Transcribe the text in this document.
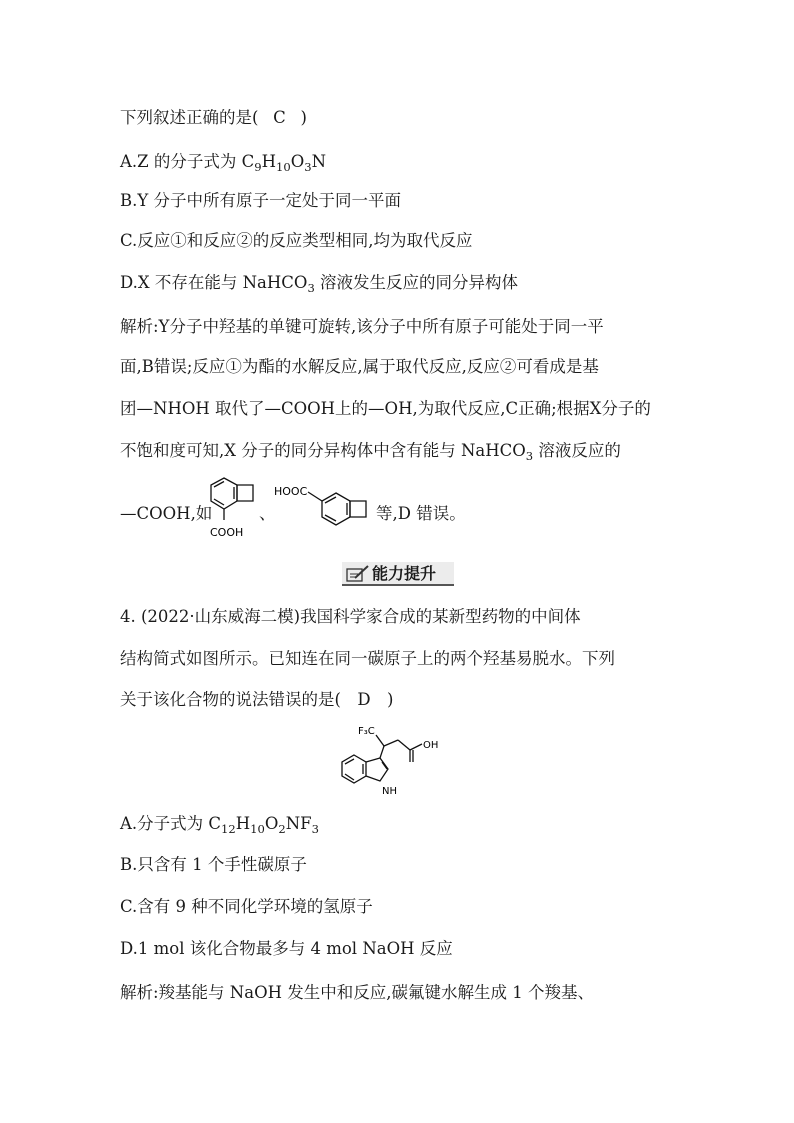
下列叙述正确的是( C )
A.Z 的分子式为 $C_9H_{10}O_3N$
B.Y 分子中所有原子一定处于同一平面
C.反应①和反应②的反应类型相同,均为取代反应
D.X 不存在能与 NaHCO$_3$ 溶液发生反应的同分异构体
解析:Y分子中羟基的单键可旋转,该分子中所有原子可能处于同一平
面,B错误;反应①为酯的水解反应,属于取代反应,反应②可看成是基
团—NHOH 取代了—COOH上的—OH,为取代反应,C正确;根据X分子的
不饱和度可知,X 分子的同分异构体中含有能与 NaHCO$_3$ 溶液反应的
—COOH,如	、	等,D 错误。
COOH
HOOC
能力提升
4. (2022·山东威海二模)我国科学家合成的某新型药物的中间体
结构简式如图所示。已知连在同一碳原子上的两个羟基易脱水。下列
关于该化合物的说法错误的是( D )
F₃C
OH
NH
A.分子式为 $C_{12}H_{10}O_2NF_3$
B.只含有 1 个手性碳原子
C.含有 9 种不同化学环境的氢原子
D.1 mol 该化合物最多与 4 mol NaOH 反应
解析:羧基能与 NaOH 发生中和反应,碳氟键水解生成 1 个羧基、
